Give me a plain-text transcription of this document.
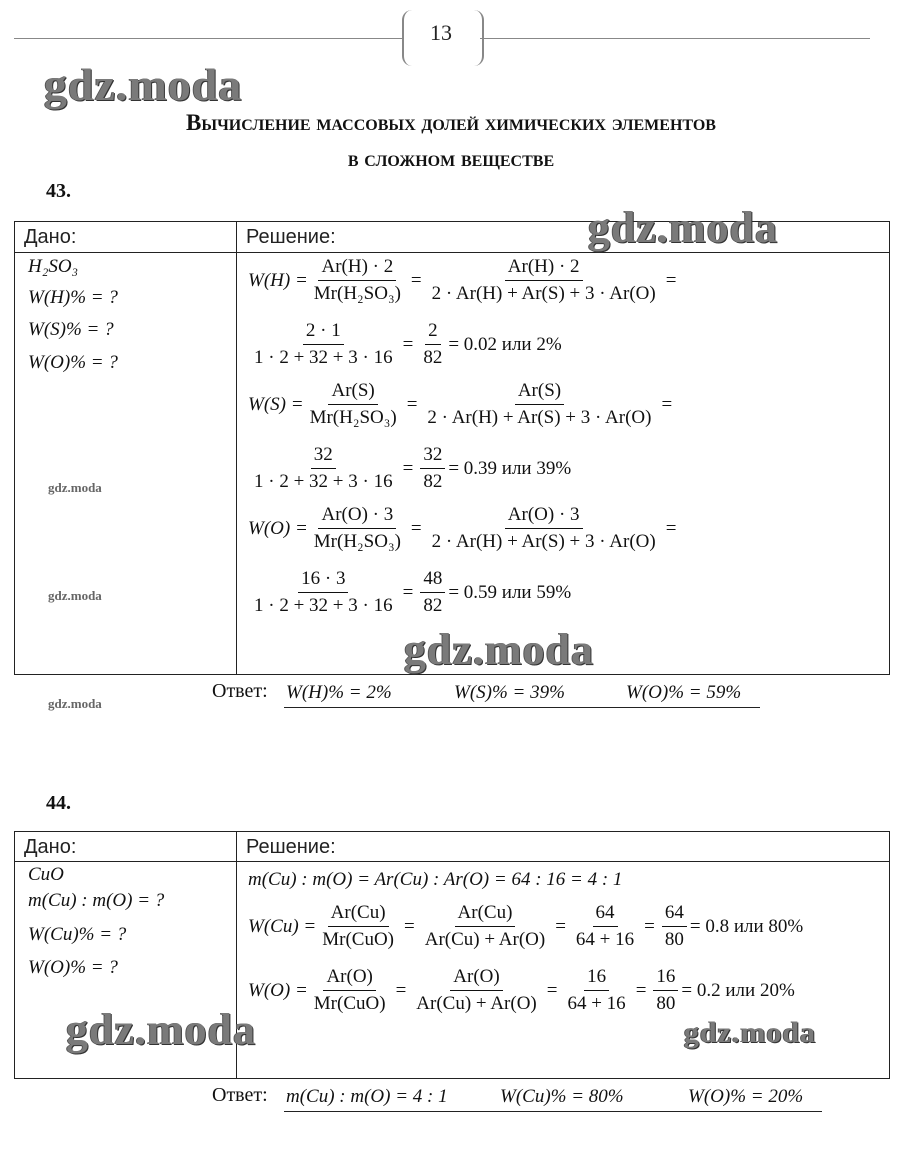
13
gdz.moda
Вычисление массовых долей химических элементов
в сложном веществе
43.
Дано:	Решение:	gdz.moda
H₂SO₃
W(H)% = ?
W(S)% = ?
W(O)% = ?
gdz.moda
gdz.moda
$W(H) = \frac{Ar(H) \cdot 2}{\text{Mr(H₂SO₃)}} = \frac{Ar(H) \cdot 2}{2 \cdot Ar(H) + Ar(S) + 3 \cdot Ar(O)}$ =
$\frac{2 \cdot 1}{1 \cdot 2 + 32 + 3 \cdot 16} = \frac{2}{82} = 0.02$ или 2%
$W(S) = \frac{Ar(S)}{\text{Mr(H₂SO₃)}} = \frac{Ar(S)}{2 \cdot Ar(H) + Ar(S) + 3 \cdot Ar(O)}$ =
$\frac{32}{1 \cdot 2 + 32 + 3 \cdot 16} = \frac{32}{82} = 0.39$ или 39%
$W(O) = \frac{Ar(O) \cdot 3}{\text{Mr(H₂SO₃)}} = \frac{Ar(O) \cdot 3}{2 \cdot Ar(H) + Ar(S) + 3 \cdot Ar(O)}$ =
$\frac{16 \cdot 3}{1 \cdot 2 + 32 + 3 \cdot 16} = \frac{48}{82} = 0.59$ или 59%
gdz.moda
Ответ: W(H)% = 2%	W(S)% = 39%	W(O)% = 59%
gdz.moda
44.
Дано:	Решение:
CuO
m(Cu) : m(O) = ?
W(Cu)% = ?
W(O)% = ?
m(Cu) : m(O) = Ar(Cu) : Ar(O) = 64 : 16 = 4 : 1
$W(Cu) = \frac{Ar(Cu)}{\text{Mr(CuO)}} = \frac{Ar(Cu)}{Ar(Cu) + Ar(O)} = \frac{64}{64 + 16} = \frac{64}{80} = 0.8$ или 80%
$W(O) = \frac{Ar(O)}{\text{Mr(CuO)}} = \frac{Ar(O)}{Ar(Cu) + Ar(O)} = \frac{16}{64 + 16} = \frac{16}{80} = 0.2$ или 20%
gdz.moda	gdz.moda
Ответ: m(Cu) : m(O) = 4 : 1	W(Cu)% = 80%	W(O)% = 20%
